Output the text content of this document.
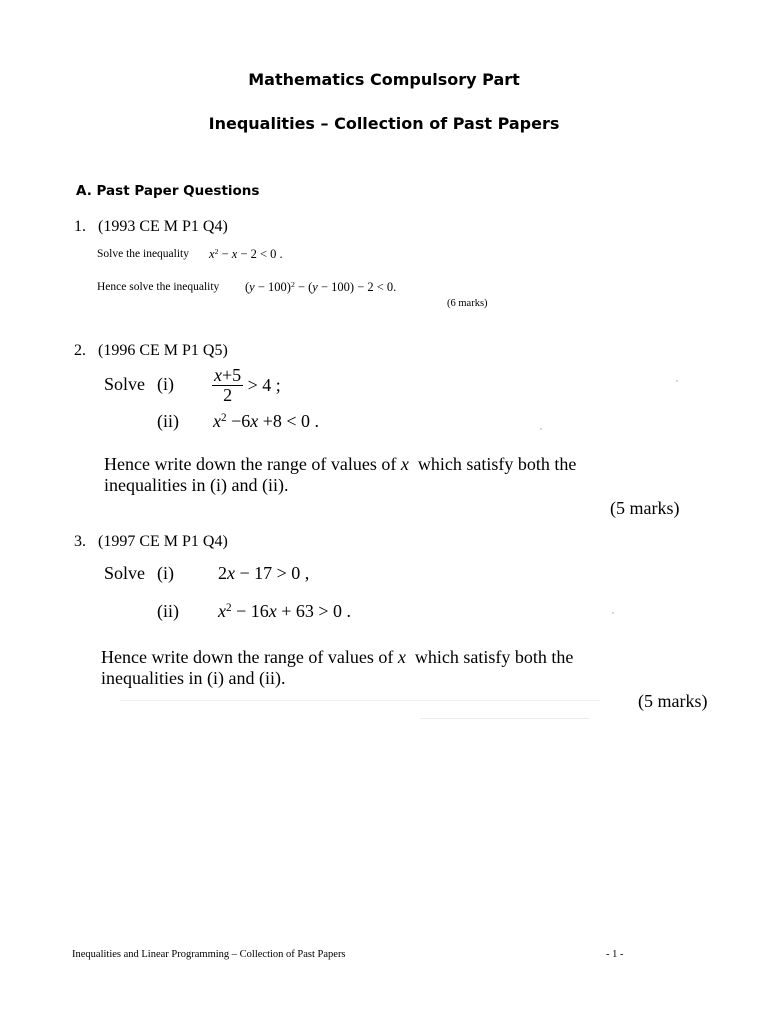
Mathematics Compulsory Part
Inequalities – Collection of Past Papers
A. Past Paper Questions
1. (1993 CE M P1 Q4)
Solve the inequality $x^2 - x - 2 < 0$ .
Hence solve the inequality $(y - 100)^2 - (y - 100) - 2 < 0$.
(6 marks)
2. (1996 CE M P1 Q5)
Solve $(i) \frac{x+5}{2} > 4$ ;
(ii) $x^2 -6x +8 < 0$ .
Hence write down the range of values of x  which satisfy both the
inequalities in (i) and (ii).
(5 marks)
3. (1997 CE M P1 Q4)
Solve (i) 2x − 17 > 0 ,
(ii) $x^2 - 16x + 63 > 0$ .
Hence write down the range of values of x  which satisfy both the
inequalities in (i) and (ii).
(5 marks)
Inequalities and Linear Programming – Collection of Past Papers	- 1 -
